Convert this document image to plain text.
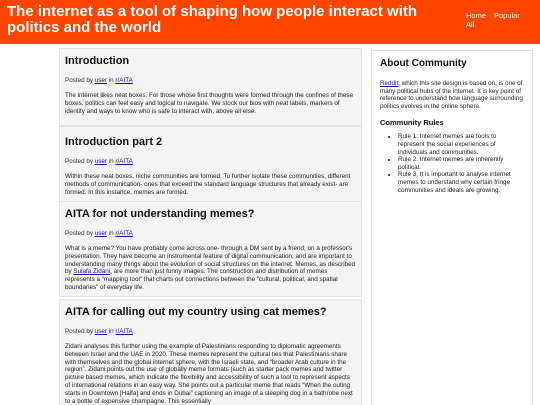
The internet as a tool of shaping how people interact with politics and the world
Home Popular
All
Introduction
Posted by user in r/AITA

The internet likes neat boxes. For those whose first thoughts were formed through the confines of these boxes, politics can feel easy and logical to navigate. We stock our bios with neat labels, markers of identity and ways to know who is safe to interact with, above all else.

Introduction part 2
Posted by user in r/AITA

Within these neat boxes, niche communities are formed. To further isolate these communities, different methods of communication- ones that exceed the standard language structures that already exist- are formed. In this instance, memes are formed.

AITA for not understanding memes?
Posted by user in r/AITA

What is a meme? You have probably come across one- through a DM sent by a friend, on a professor's presentation. They have become an instrumental feature of digital communication, and are important to understanding many things about the evolution of social structures on the internet. Memes, as described by Sulafa Zidani, are more than just funny images. The construction and distribution of memes represents a “mapping tool” that charts out connections between the “cultural, political, and spatial boundaries” of everyday life.

AITA for calling out my country using cat memes?
Posted by user in r/AITA

Zidani analyses this further using the example of Palestinians responding to diplomatic agreements between Israel and the UAE in 2020. These memes represent the cultural ties that Palestinians share with themselves and the global internet sphere, with the Israeli state, and “broader Arab culture in the region”. Zidani points out the use of globally meme formats (such as starter pack memes and twitter picture based memes, which indicate the flexibility and accessibility of such a tool to represent aspects of international relations in an easy way. She points out a particular meme that reads “When the outing starts in Downtown [Haifa] and ends in Dubai” captioning an image of a sleeping dog in a bathrobe next to a bottle of expensive champagne. This essentially

About Community

Reddit, which this site design is based on, is one of many political hubs of the internet. It is key point of reference to understand how language surrounding politics evolves in the online sphere.

Community Rules
• Rule 1: Internet memes are tools to represent the social experiences of individuals and communities.
• Rule 2: Internet memes are inherently political.
• Rule 3: It is important to analyse internet memes to understand why certain fringe communities and ideals are growing.
